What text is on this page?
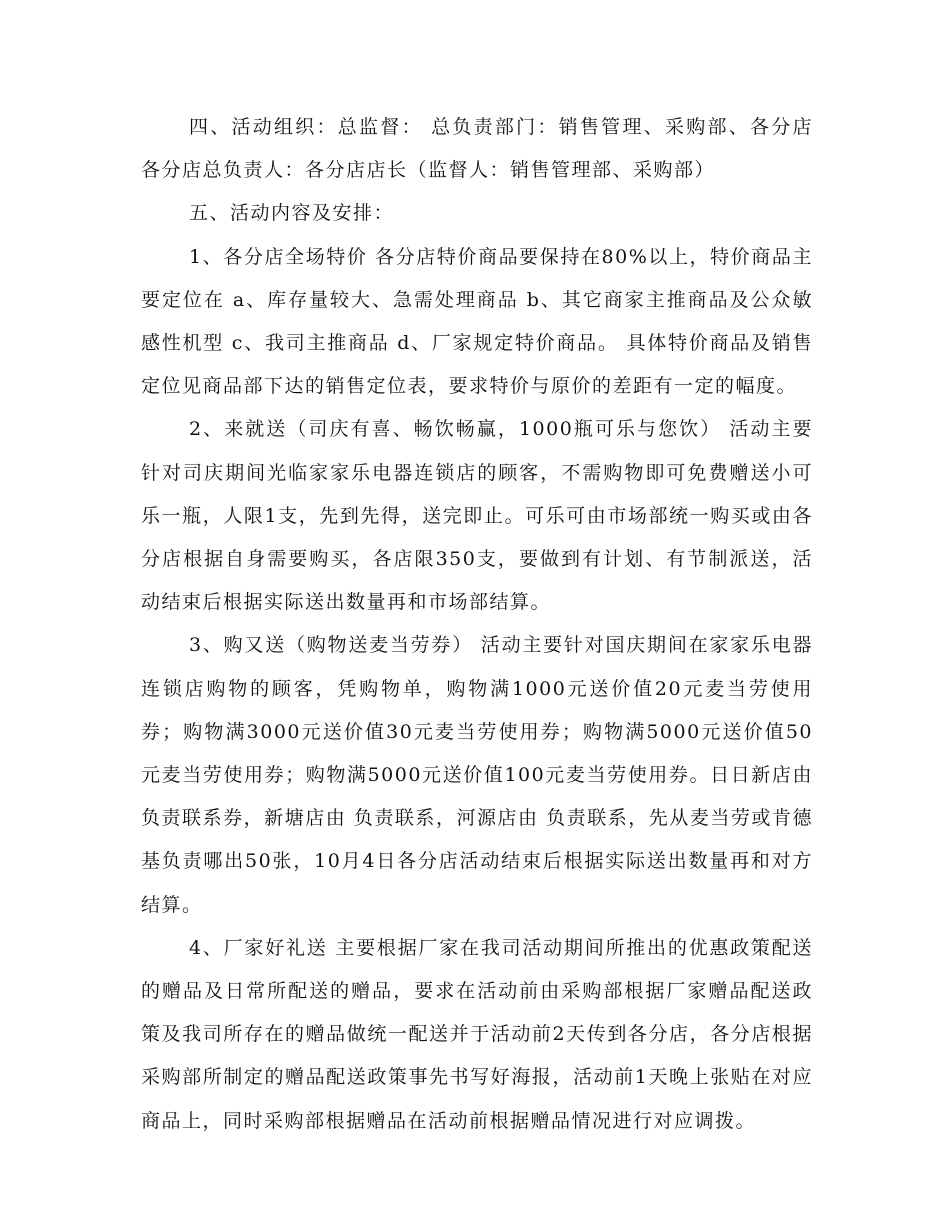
四、活动组织：总监督： 总负责部门：销售管理、采购部、各分店 各分店总负责人：各分店店长（监督人：销售管理部、采购部）

五、活动内容及安排：

1、各分店全场特价 各分店特价商品要保持在80%以上，特价商品主要定位在 a、库存量较大、急需处理商品 b、其它商家主推商品及公众敏感性机型 c、我司主推商品 d、厂家规定特价商品。 具体特价商品及销售定位见商品部下达的销售定位表，要求特价与原价的差距有一定的幅度。

2、来就送（司庆有喜、畅饮畅赢，1000瓶可乐与您饮） 活动主要针对司庆期间光临家家乐电器连锁店的顾客，不需购物即可免费赠送小可乐一瓶，人限1支，先到先得，送完即止。可乐可由市场部统一购买或由各分店根据自身需要购买，各店限350支，要做到有计划、有节制派送，活动结束后根据实际送出数量再和市场部结算。

3、购又送（购物送麦当劳券） 活动主要针对国庆期间在家家乐电器连锁店购物的顾客，凭购物单，购物满1000元送价值20元麦当劳使用券；购物满3000元送价值30元麦当劳使用券；购物满5000元送价值50元麦当劳使用券；购物满5000元送价值100元麦当劳使用券。日日新店由 负责联系券，新塘店由 负责联系，河源店由 负责联系，先从麦当劳或肯德基负责哪出50张，10月4日各分店活动结束后根据实际送出数量再和对方结算。

4、厂家好礼送 主要根据厂家在我司活动期间所推出的优惠政策配送的赠品及日常所配送的赠品，要求在活动前由采购部根据厂家赠品配送政策及我司所存在的赠品做统一配送并于活动前2天传到各分店，各分店根据采购部所制定的赠品配送政策事先书写好海报，活动前1天晚上张贴在对应商品上，同时采购部根据赠品在活动前根据赠品情况进行对应调拨。
